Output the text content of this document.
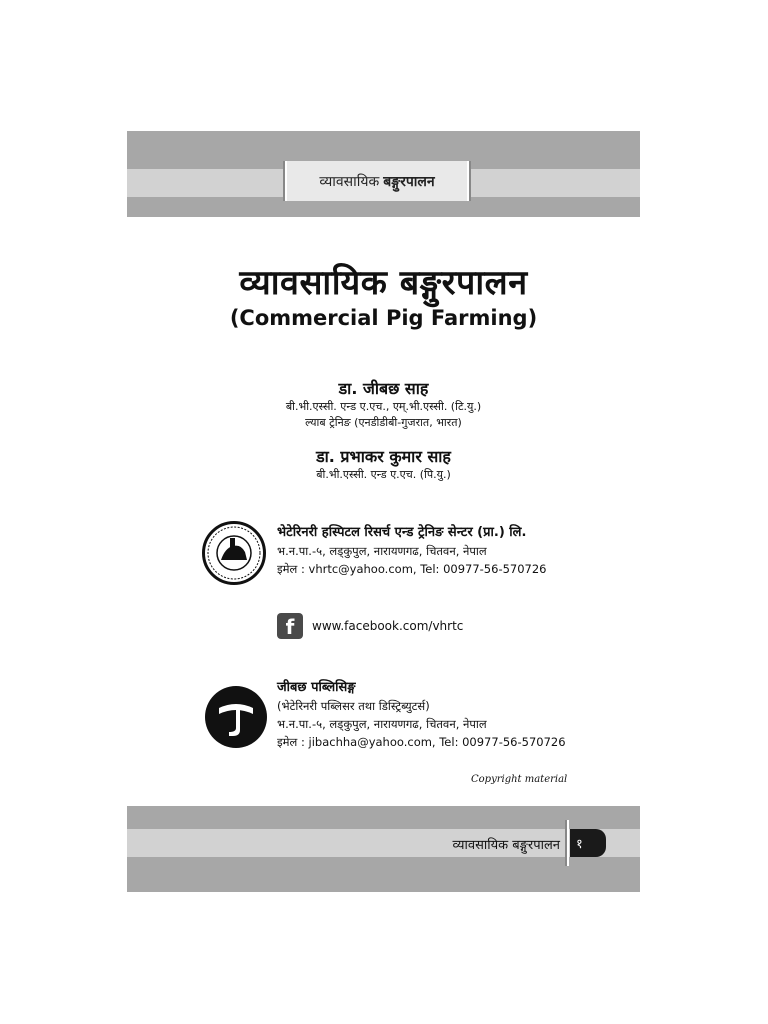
व्यावसायिक बङ्गुरपालन
व्यावसायिक बङ्गुरपालन
(Commercial Pig Farming)
डा. जीबछ साह
बी.भी.एस्सी. एन्ड ए.एच., एम्.भी.एस्सी. (टि.यु.)
ल्याब ट्रेनिङ (एनडीडीबी-गुजरात, भारत)
डा. प्रभाकर कुमार साह
बी.भी.एस्सी. एन्ड ए.एच. (पि.यु.)
भेटेरिनरी हस्पिटल रिसर्च एन्ड ट्रेनिङ सेन्टर (प्रा.) लि.
भ.न.पा.-५, लड्कुपुल, नारायणगढ, चितवन, नेपाल
इमेल : vhrtc@yahoo.com, Tel: 00977-56-570726
f	www.facebook.com/vhrtc
जीबछ पब्लिसिङ्ग
(भेटेरिनरी पब्लिसर तथा डिस्ट्रिब्युटर्स)
भ.न.पा.-५, लड्कुपुल, नारायणगढ, चितवन, नेपाल
इमेल : jibachha@yahoo.com, Tel: 00977-56-570726
Copyright material
व्यावसायिक बङ्गुरपालन	१
